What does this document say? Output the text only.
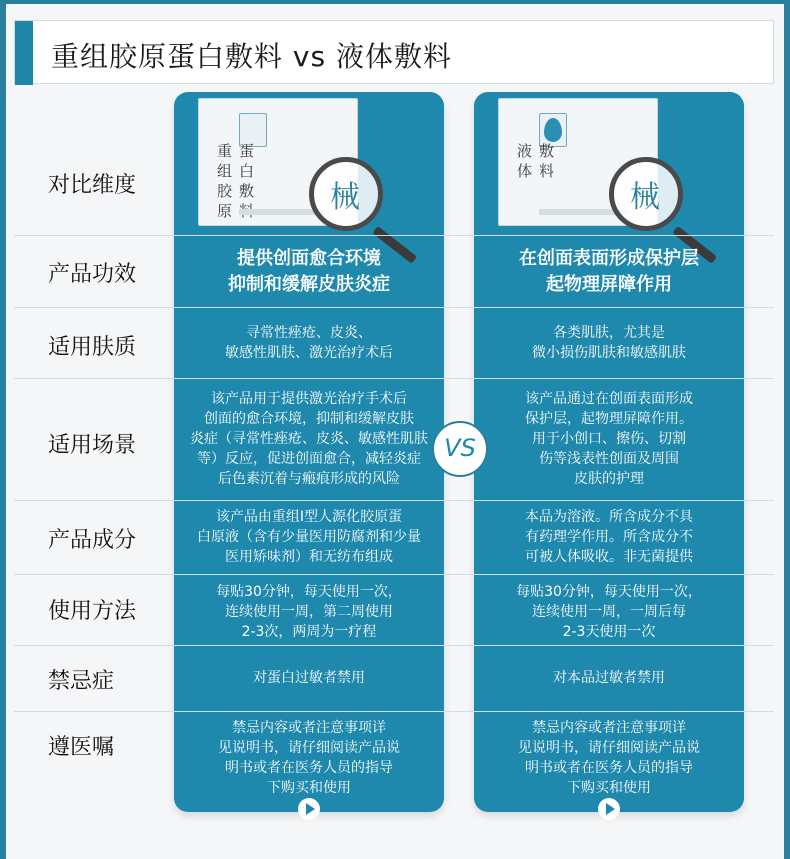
重组胶原蛋白敷料 vs 液体敷料
重组胶原
蛋白敷	械
液体
敷料
械
对比维度
产品功效
适用肤质
适用场景
产品成分
使用方法
禁忌症
遵医嘱
提供创面愈合环境
抑制和缓解皮肤炎症
寻常性痤疮、皮炎、
敏感性肌肤、激光治疗术后
该产品用于提供激光治疗手术后
创面的愈合环境，抑制和缓解皮肤
炎症（寻常性痤疮、皮炎、敏感性肌肤
等）反应，促进创面愈合，减轻炎症
后色素沉着与瘢痕形成的风险
该产品由重组Ⅰ型人源化胶原蛋
白原液（含有少量医用防腐剂和少量
医用矫味剂）和无纺布组成
每贴30分钟，每天使用一次，
连续使用一周，第二周使用
2-3次，两周为一疗程
对蛋白过敏者禁用
禁忌内容或者注意事项详
见说明书，请仔细阅读产品说
明书或者在医务人员的指导
下购买和使用
在创面表面形成保护层
起物理屏障作用
各类肌肤，尤其是
微小损伤肌肤和敏感肌肤
该产品通过在创面表面形成
保护层，起物理屏障作用。
用于小创口、擦伤、切割
伤等浅表性创面及周围
皮肤的护理
本品为溶液。所含成分不具
有药理学作用。所含成分不
可被人体吸收。非无菌提供
每贴30分钟，每天使用一次，
连续使用一周，一周后每
2-3天使用一次
对本品过敏者禁用
禁忌内容或者注意事项详
见说明书，请仔细阅读产品说
明书或者在医务人员的指导
下购买和使用
VS
